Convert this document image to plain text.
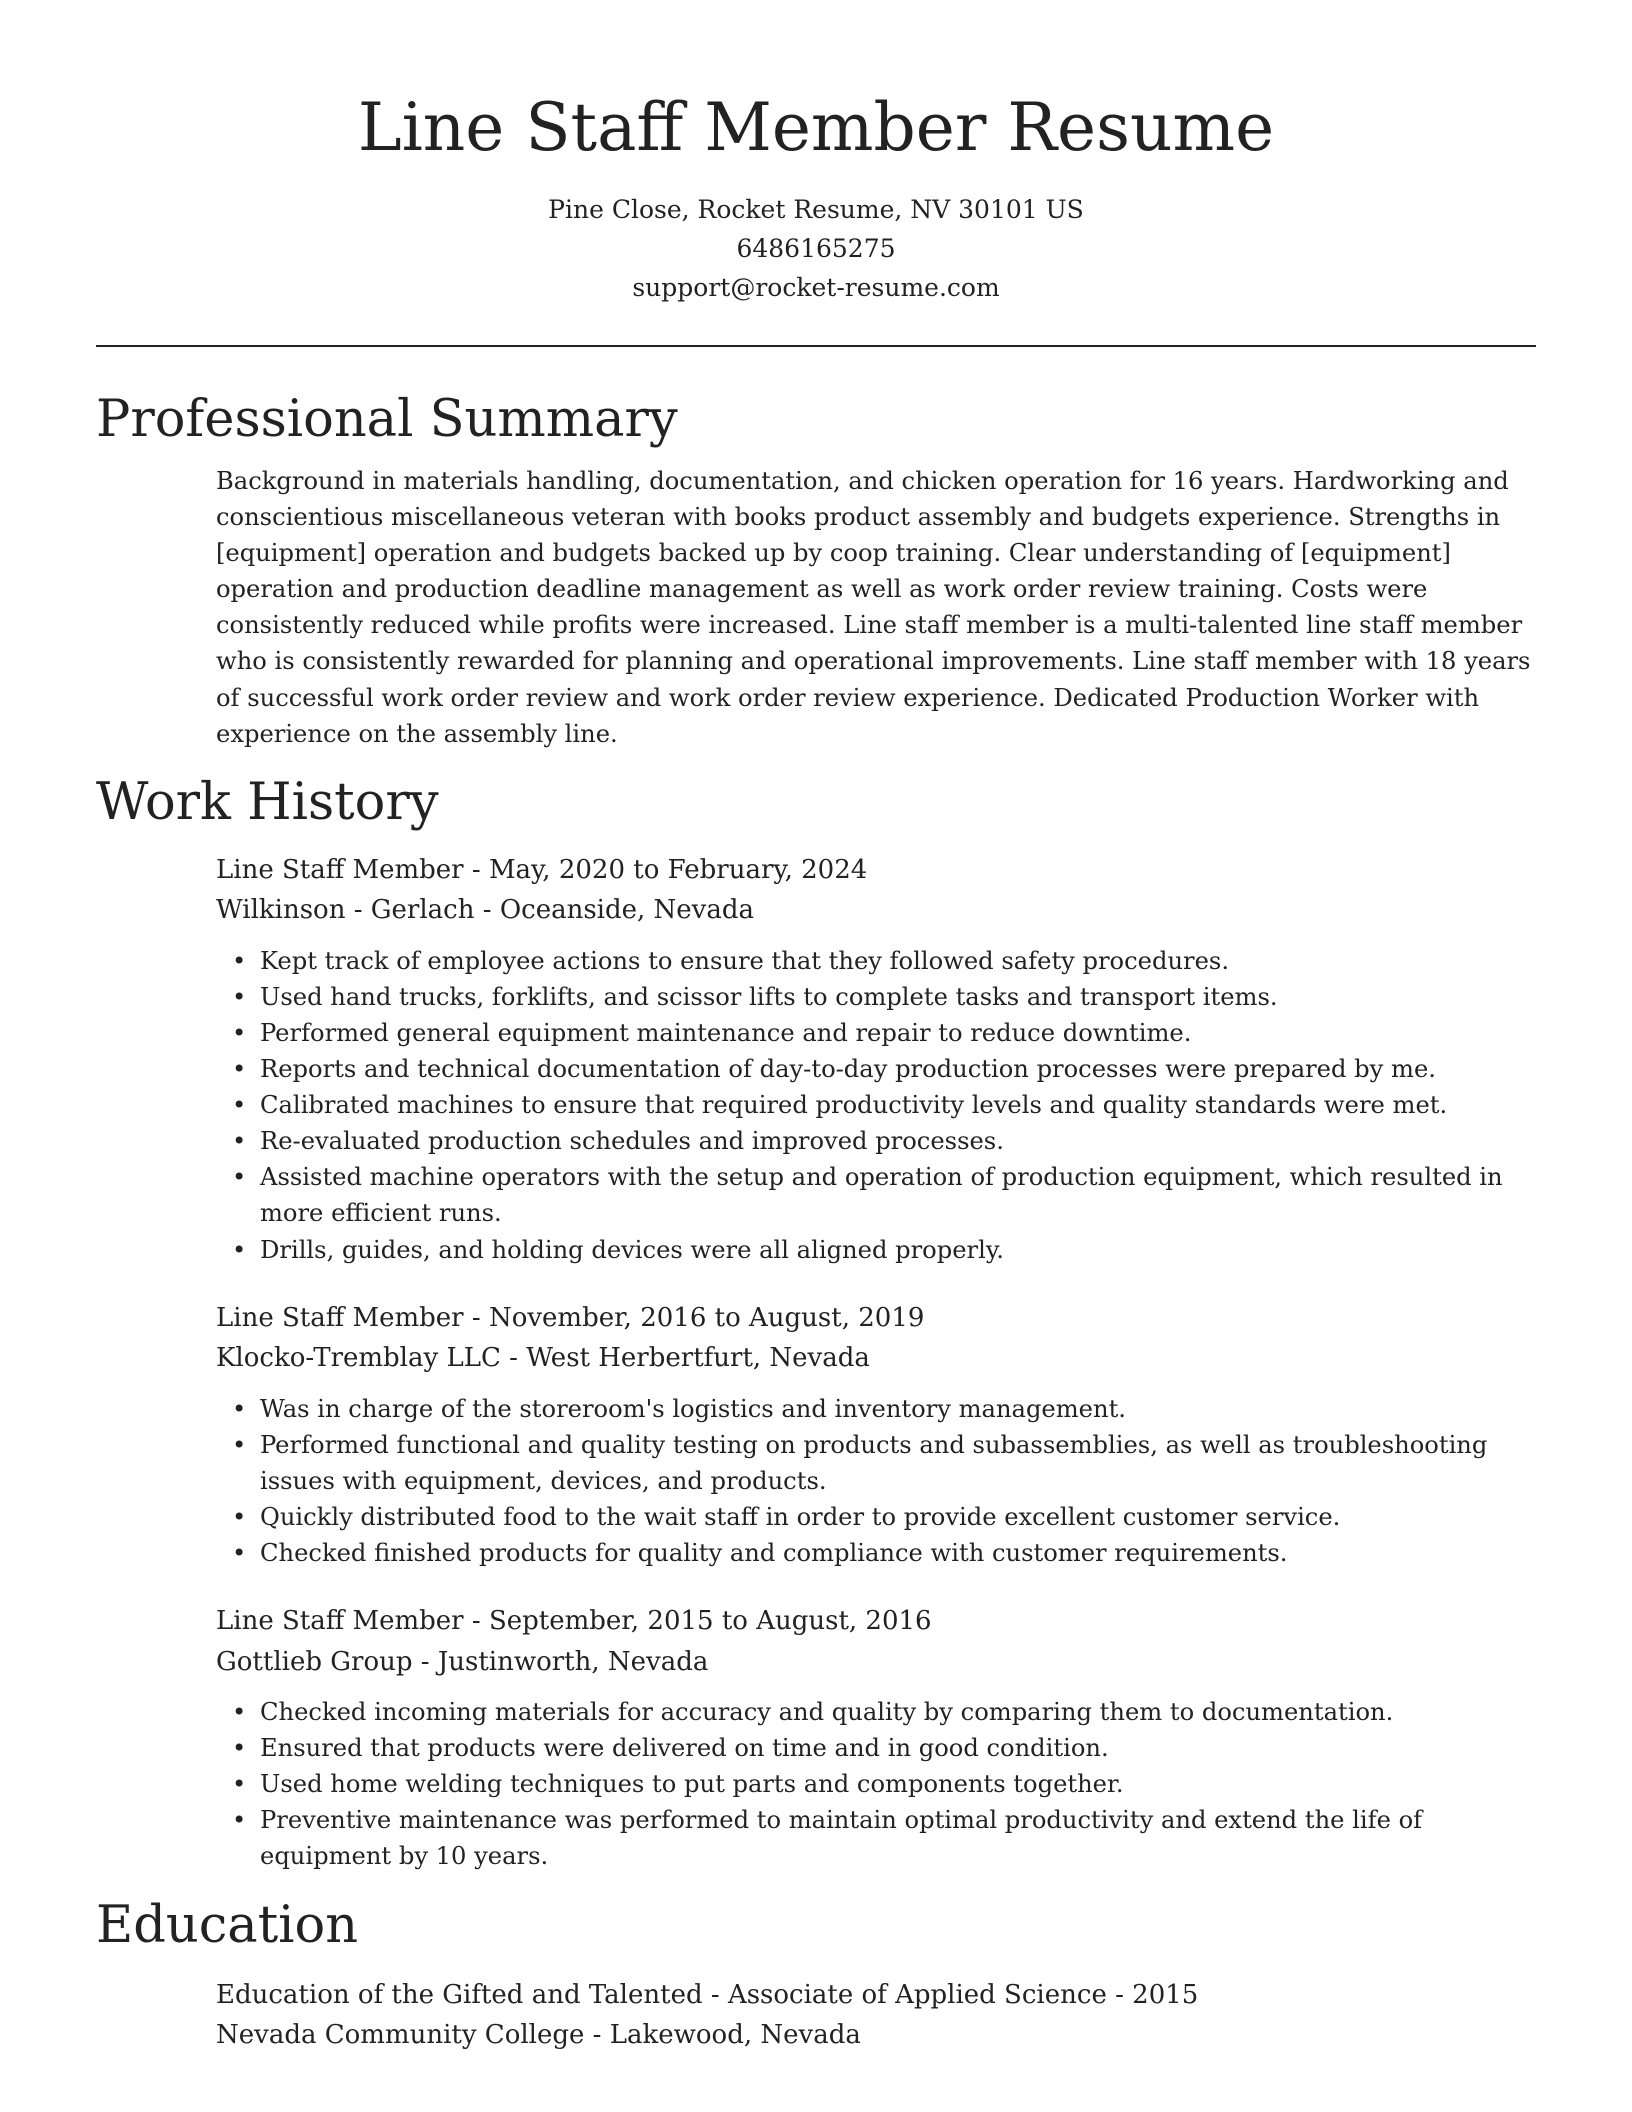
Line Staff Member Resume
Pine Close, Rocket Resume, NV 30101 US
6486165275
support@rocket-resume.com
Professional Summary
Background in materials handling, documentation, and chicken operation for 16 years. Hardworking and conscientious miscellaneous veteran with books product assembly and budgets experience. Strengths in [equipment] operation and budgets backed up by coop training. Clear understanding of [equipment] operation and production deadline management as well as work order review training. Costs were consistently reduced while profits were increased. Line staff member is a multi-talented line staff member who is consistently rewarded for planning and operational improvements. Line staff member with 18 years of successful work order review and work order review experience. Dedicated Production Worker with experience on the assembly line.
Work History
Line Staff Member - May, 2020 to February, 2024
Wilkinson - Gerlach - Oceanside, Nevada
• Kept track of employee actions to ensure that they followed safety procedures.
• Used hand trucks, forklifts, and scissor lifts to complete tasks and transport items.
• Performed general equipment maintenance and repair to reduce downtime.
• Reports and technical documentation of day-to-day production processes were prepared by me.
• Calibrated machines to ensure that required productivity levels and quality standards were met.
• Re-evaluated production schedules and improved processes.
• Assisted machine operators with the setup and operation of production equipment, which resulted in more efficient runs.
• Drills, guides, and holding devices were all aligned properly.
Line Staff Member - November, 2016 to August, 2019
Klocko-Tremblay LLC - West Herbertfurt, Nevada
• Was in charge of the storeroom's logistics and inventory management.
• Performed functional and quality testing on products and subassemblies, as well as troubleshooting issues with equipment, devices, and products.
• Quickly distributed food to the wait staff in order to provide excellent customer service.
• Checked finished products for quality and compliance with customer requirements.
Line Staff Member - September, 2015 to August, 2016
Gottlieb Group - Justinworth, Nevada
• Checked incoming materials for accuracy and quality by comparing them to documentation.
• Ensured that products were delivered on time and in good condition.
• Used home welding techniques to put parts and components together.
• Preventive maintenance was performed to maintain optimal productivity and extend the life of equipment by 10 years.
Education
Education of the Gifted and Talented - Associate of Applied Science - 2015
Nevada Community College - Lakewood, Nevada
